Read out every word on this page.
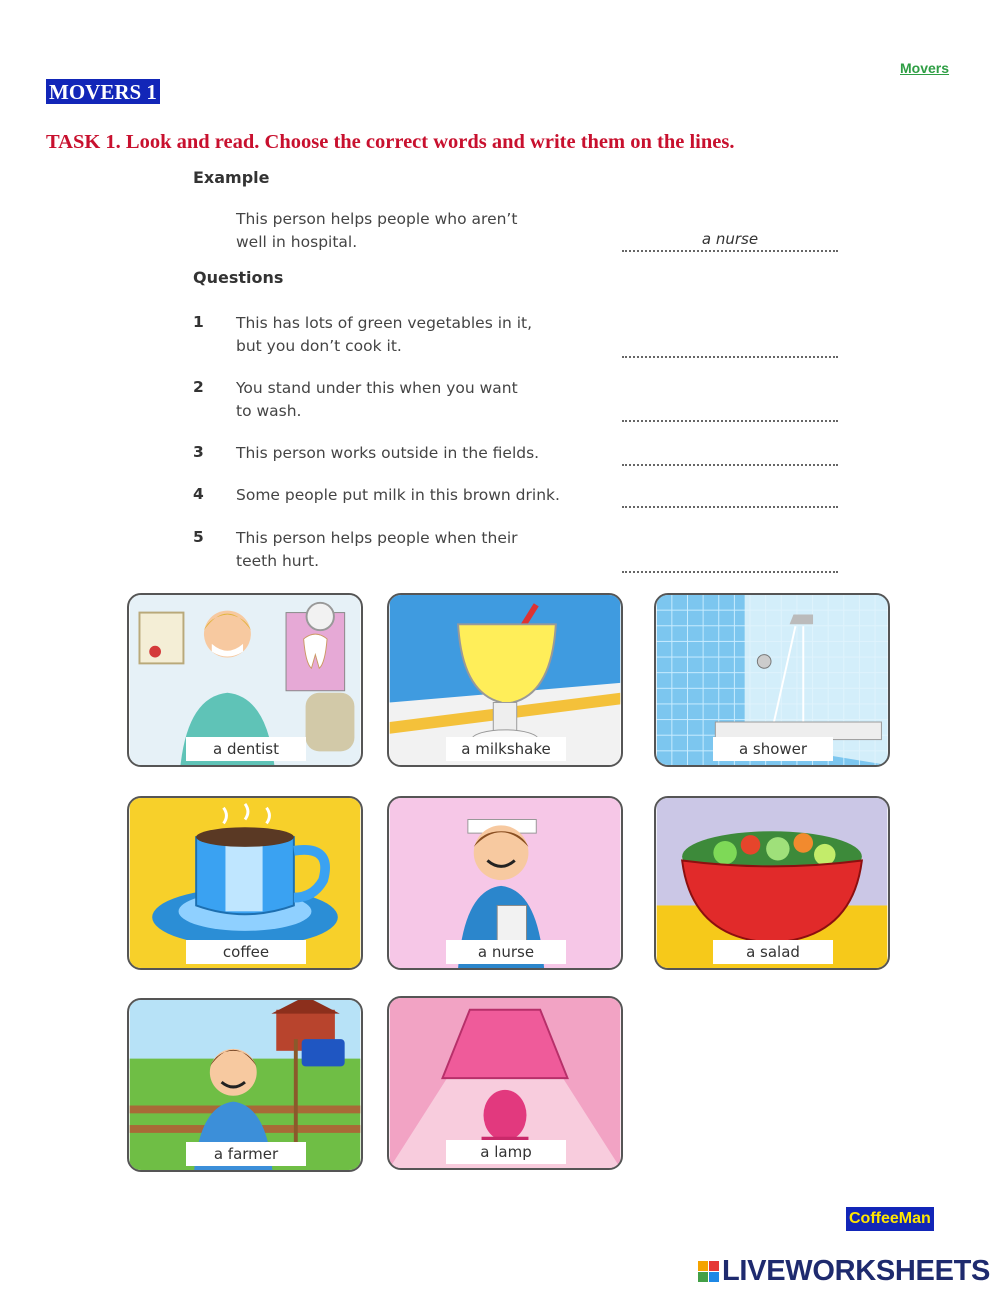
Movers
MOVERS 1
TASK 1. Look and read. Choose the correct words and write them on the lines.
Example
This person helps people who aren’t
well in hospital.	a nurse
Questions
1 This has lots of green vegetables in it,
but you don’t cook it.
2 You stand under this when you want
to wash.
3 This person works outside in the fields.
4 Some people put milk in this brown drink.
5 This person helps people when their
teeth hurt.
a dentist	a milkshake	a shower
coffee	a nurse	a salad
a farmer	a lamp
CoffeeMan
LIVEWORKSHEETS
